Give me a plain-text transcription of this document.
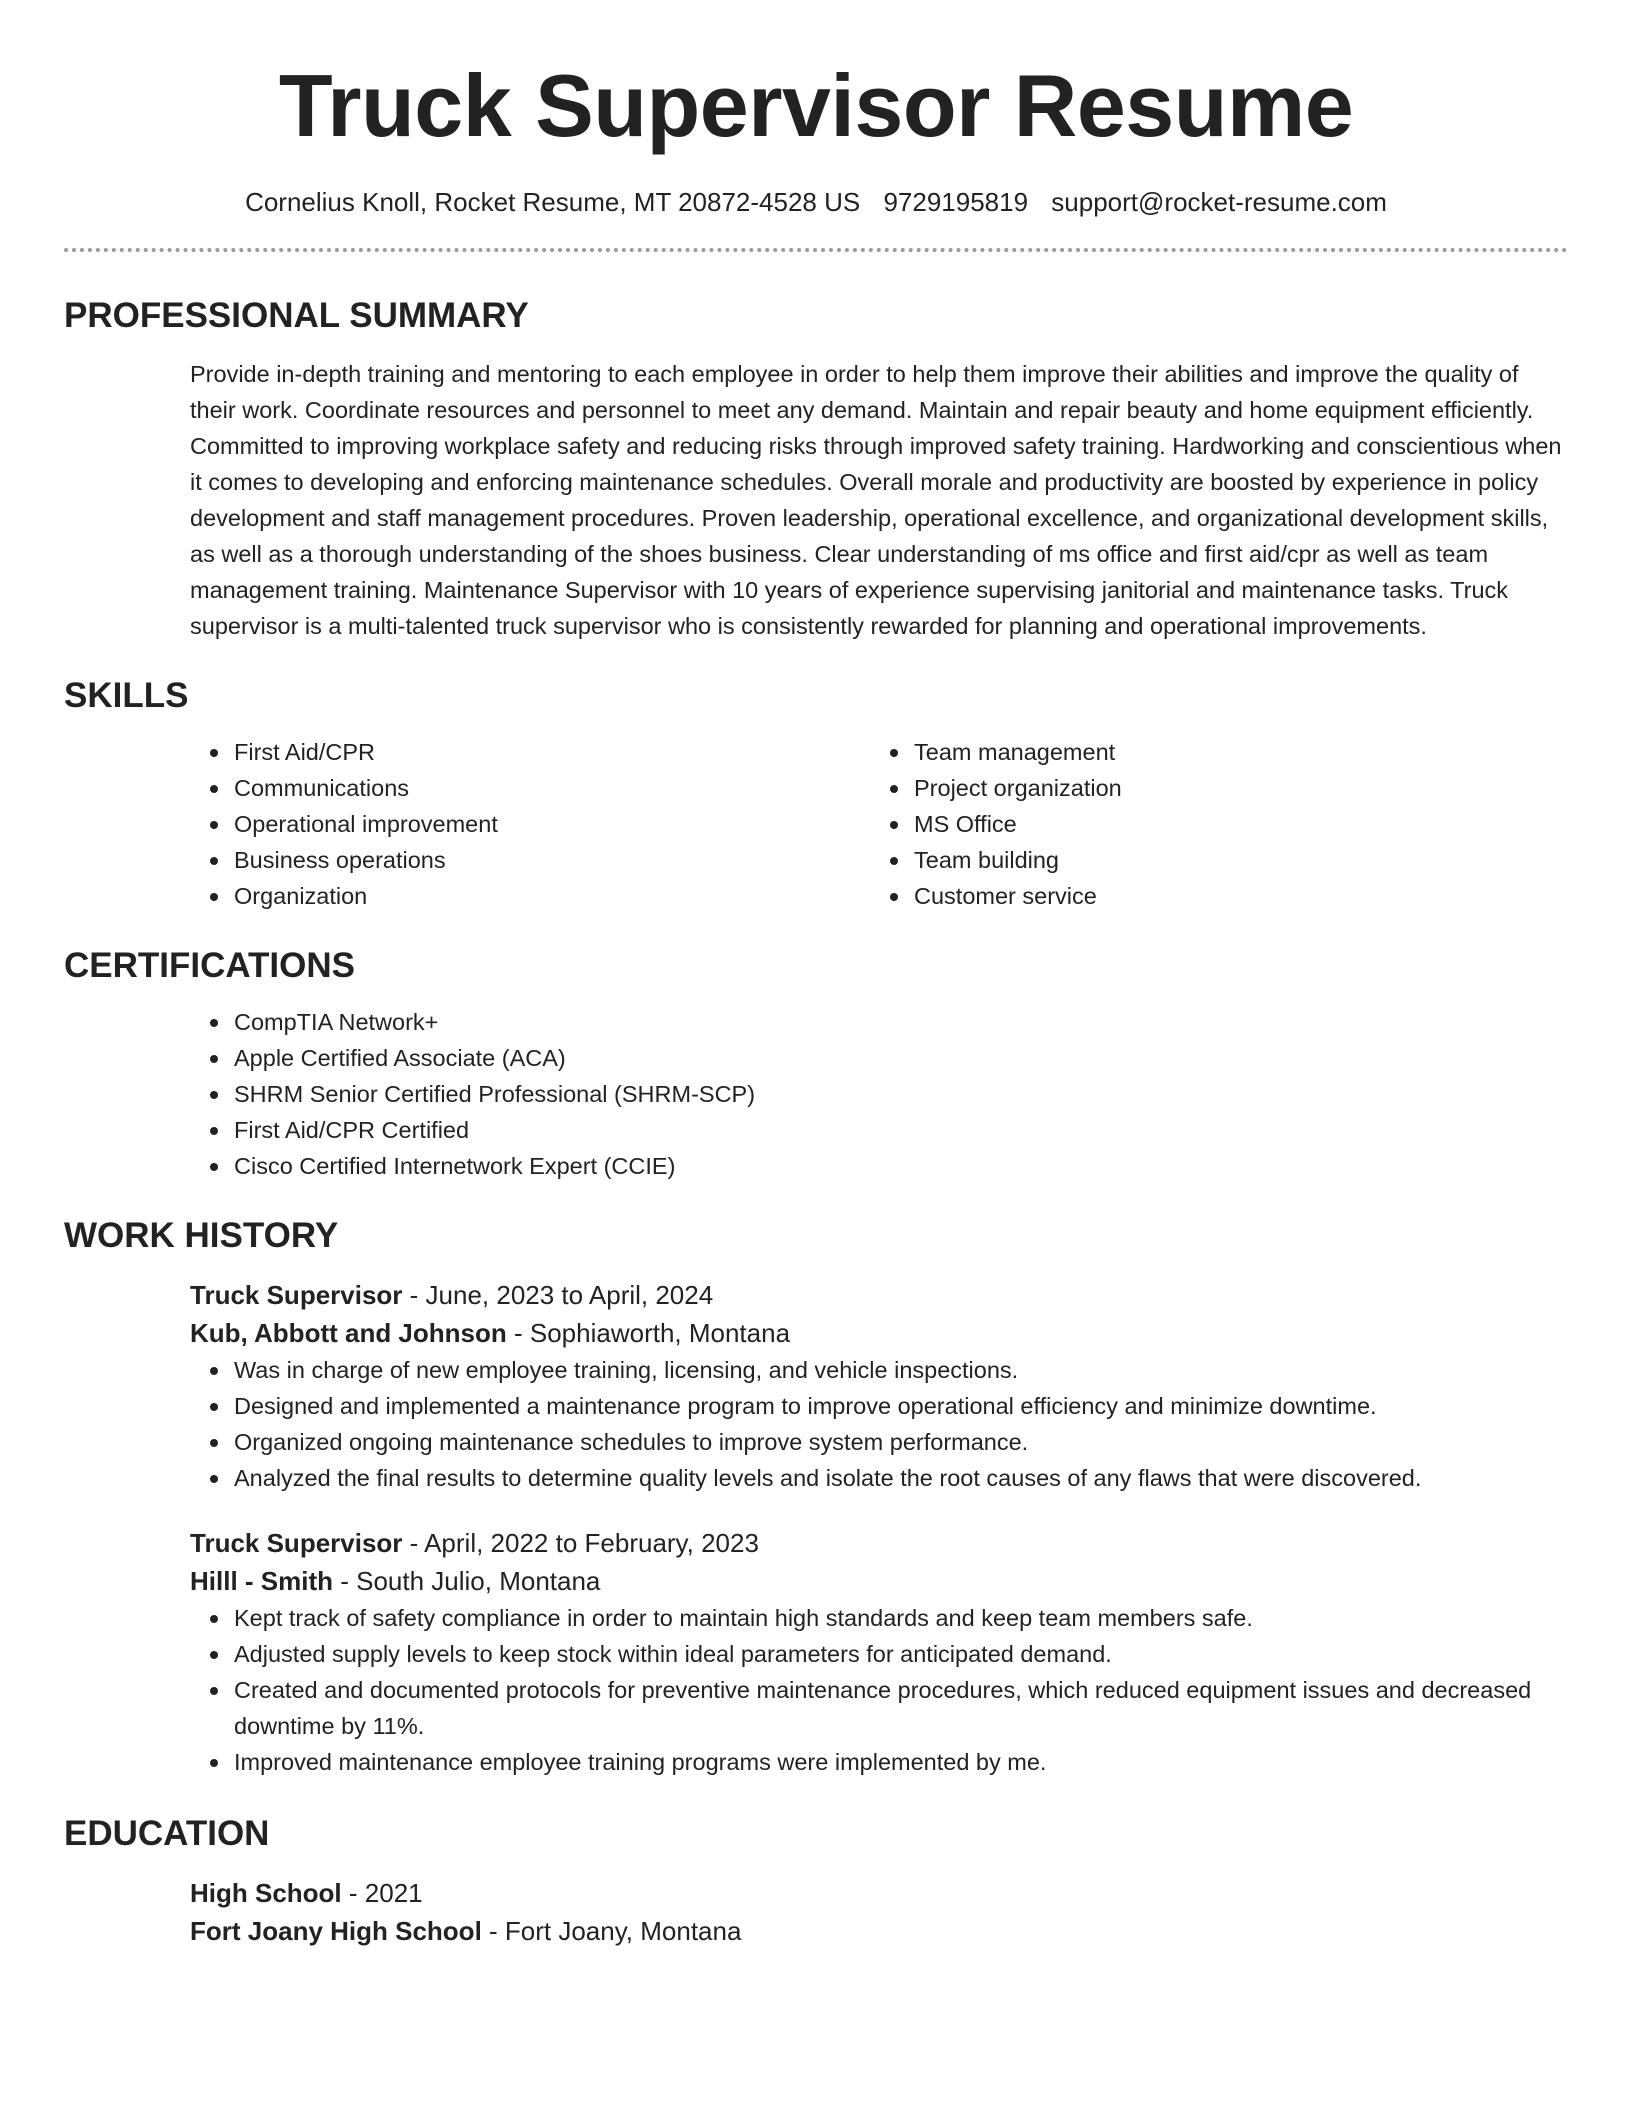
Truck Supervisor Resume
Cornelius Knoll, Rocket Resume, MT 20872-4528 US 9729195819 support@rocket-resume.com
PROFESSIONAL SUMMARY
Provide in-depth training and mentoring to each employee in order to help them improve their abilities and improve the quality of their work. Coordinate resources and personnel to meet any demand. Maintain and repair beauty and home equipment efficiently. Committed to improving workplace safety and reducing risks through improved safety training. Hardworking and conscientious when it comes to developing and enforcing maintenance schedules. Overall morale and productivity are boosted by experience in policy development and staff management procedures. Proven leadership, operational excellence, and organizational development skills, as well as a thorough understanding of the shoes business. Clear understanding of ms office and first aid/cpr as well as team management training. Maintenance Supervisor with 10 years of experience supervising janitorial and maintenance tasks. Truck supervisor is a multi-talented truck supervisor who is consistently rewarded for planning and operational improvements.
SKILLS
First Aid/CPR
Communications
Operational improvement
Business operations
Organization
Team management
Project organization
MS Office
Team building
Customer service
CERTIFICATIONS
CompTIA Network+
Apple Certified Associate (ACA)
SHRM Senior Certified Professional (SHRM-SCP)
First Aid/CPR Certified
Cisco Certified Internetwork Expert (CCIE)
WORK HISTORY
Truck Supervisor - June, 2023 to April, 2024
Kub, Abbott and Johnson - Sophiaworth, Montana
Was in charge of new employee training, licensing, and vehicle inspections.
Designed and implemented a maintenance program to improve operational efficiency and minimize downtime.
Organized ongoing maintenance schedules to improve system performance.
Analyzed the final results to determine quality levels and isolate the root causes of any flaws that were discovered.
Truck Supervisor - April, 2022 to February, 2023
Hilll - Smith - South Julio, Montana
Kept track of safety compliance in order to maintain high standards and keep team members safe.
Adjusted supply levels to keep stock within ideal parameters for anticipated demand.
Created and documented protocols for preventive maintenance procedures, which reduced equipment issues and decreased downtime by 11%.
Improved maintenance employee training programs were implemented by me.
EDUCATION
High School - 2021
Fort Joany High School - Fort Joany, Montana
